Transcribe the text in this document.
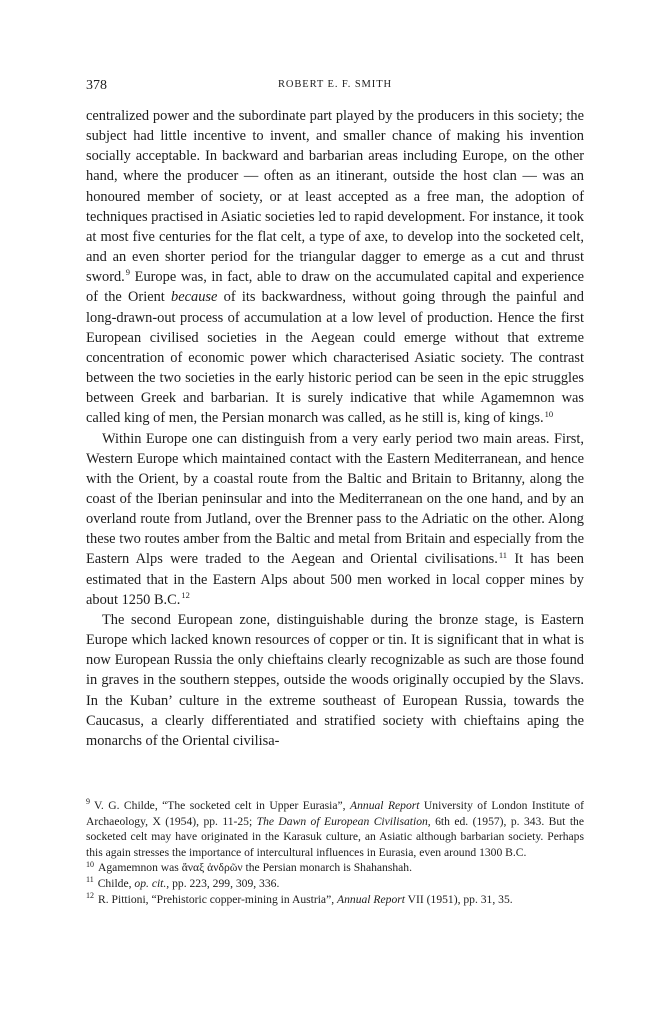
378	ROBERT E. F. SMITH

centralized power and the subordinate part played by the producers in this society; the subject had little incentive to invent, and smaller chance of making his invention socially acceptable. In backward and barbarian areas including Europe, on the other hand, where the producer — often as an itinerant, outside the host clan — was an honoured member of society, or at least accepted as a free man, the adoption of techniques practised in Asiatic societies led to rapid development. For instance, it took at most five centuries for the flat celt, a type of axe, to develop into the socketed celt, and an even shorter period for the triangular dagger to emerge as a cut and thrust sword.$^9$ Europe was, in fact, able to draw on the accumulated capital and experience of the Orient because of its backwardness, without going through the painful and long-drawn-out process of accumulation at a low level of production. Hence the first European civilised societies in the Aegean could emerge without that extreme concentration of economic power which characterised Asiatic society. The contrast between the two societies in the early historic period can be seen in the epic struggles between Greek and barbarian. It is surely indicative that while Agamemnon was called king of men, the Persian monarch was called, as he still is, king of kings.$^{10}$

Within Europe one can distinguish from a very early period two main areas. First, Western Europe which maintained contact with the Eastern Mediterranean, and hence with the Orient, by a coastal route from the Baltic and Britain to Britanny, along the coast of the Iberian peninsular and into the Mediterranean on the one hand, and by an overland route from Jutland, over the Brenner pass to the Adriatic on the other. Along these two routes amber from the Baltic and metal from Britain and especially from the Eastern Alps were traded to the Aegean and Oriental civilisations.$^{11}$ It has been estimated that in the Eastern Alps about 500 men worked in local copper mines by about 1250 B.C.$^{12}$

The second European zone, distinguishable during the bronze stage, is Eastern Europe which lacked known resources of copper or tin. It is significant that in what is now European Russia the only chieftains clearly recognizable as such are those found in graves in the southern steppes, outside the woods originally occupied by the Slavs. In the Kuban’ culture in the extreme southeast of European Russia, towards the Caucasus, a clearly differentiated and stratified society with chieftains aping the monarchs of the Oriental civilisa-

$^9$ V. G. Childe, “The socketed celt in Upper Eurasia”, Annual Report University of London Institute of Archaeology, X (1954), pp. 11-25; The Dawn of European Civilisation, 6th ed. (1957), p. 343. But the socketed celt may have originated in the Karasuk culture, an Asiatic although barbarian society. Perhaps this again stresses the importance of intercultural influences in Eurasia, even around 1300 B.C.

$^{10}$ Agamemnon was ἄναξ ἀνδρῶν the Persian monarch is Shahanshah.

$^{11}$ Childe, op. cit., pp. 223, 299, 309, 336.

$^{12}$ R. Pittioni, “Prehistoric copper-mining in Austria”, Annual Report VII (1951), pp. 31, 35.
